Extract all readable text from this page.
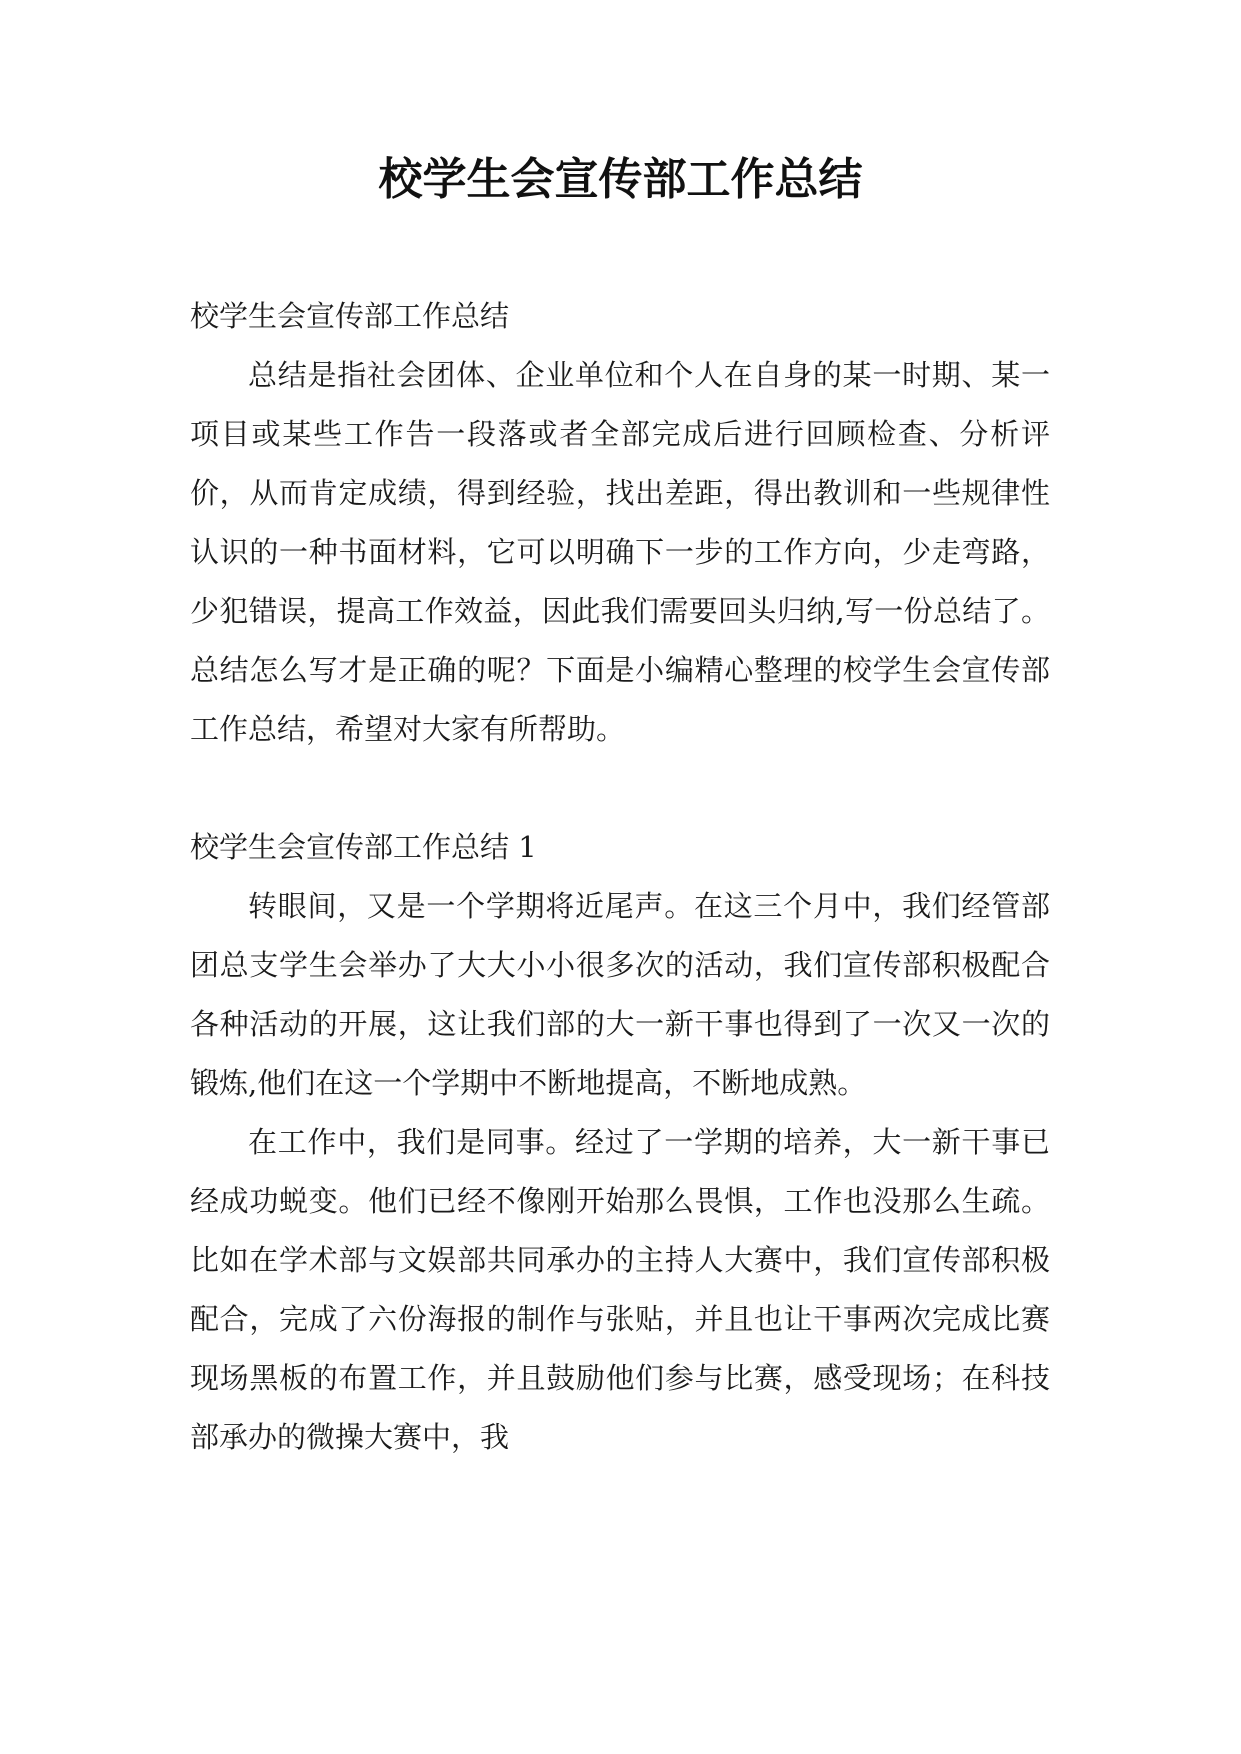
校学生会宣传部工作总结

校学生会宣传部工作总结

总结是指社会团体、企业单位和个人在自身的某一时期、某一项目或某些工作告一段落或者全部完成后进行回顾检查、分析评价，从而肯定成绩，得到经验，找出差距，得出教训和一些规律性认识的一种书面材料，它可以明确下一步的工作方向，少走弯路，少犯错误，提高工作效益，因此我们需要回头归纳,写一份总结了。总结怎么写才是正确的呢？下面是小编精心整理的校学生会宣传部工作总结，希望对大家有所帮助。

校学生会宣传部工作总结 1

转眼间，又是一个学期将近尾声。在这三个月中，我们经管部团总支学生会举办了大大小小很多次的活动，我们宣传部积极配合各种活动的开展，这让我们部的大一新干事也得到了一次又一次的锻炼,他们在这一个学期中不断地提高，不断地成熟。

在工作中，我们是同事。经过了一学期的培养，大一新干事已经成功蜕变。他们已经不像刚开始那么畏惧，工作也没那么生疏。比如在学术部与文娱部共同承办的主持人大赛中，我们宣传部积极配合，完成了六份海报的制作与张贴，并且也让干事两次完成比赛现场黑板的布置工作，并且鼓励他们参与比赛，感受现场；在科技部承办的微操大赛中，我
